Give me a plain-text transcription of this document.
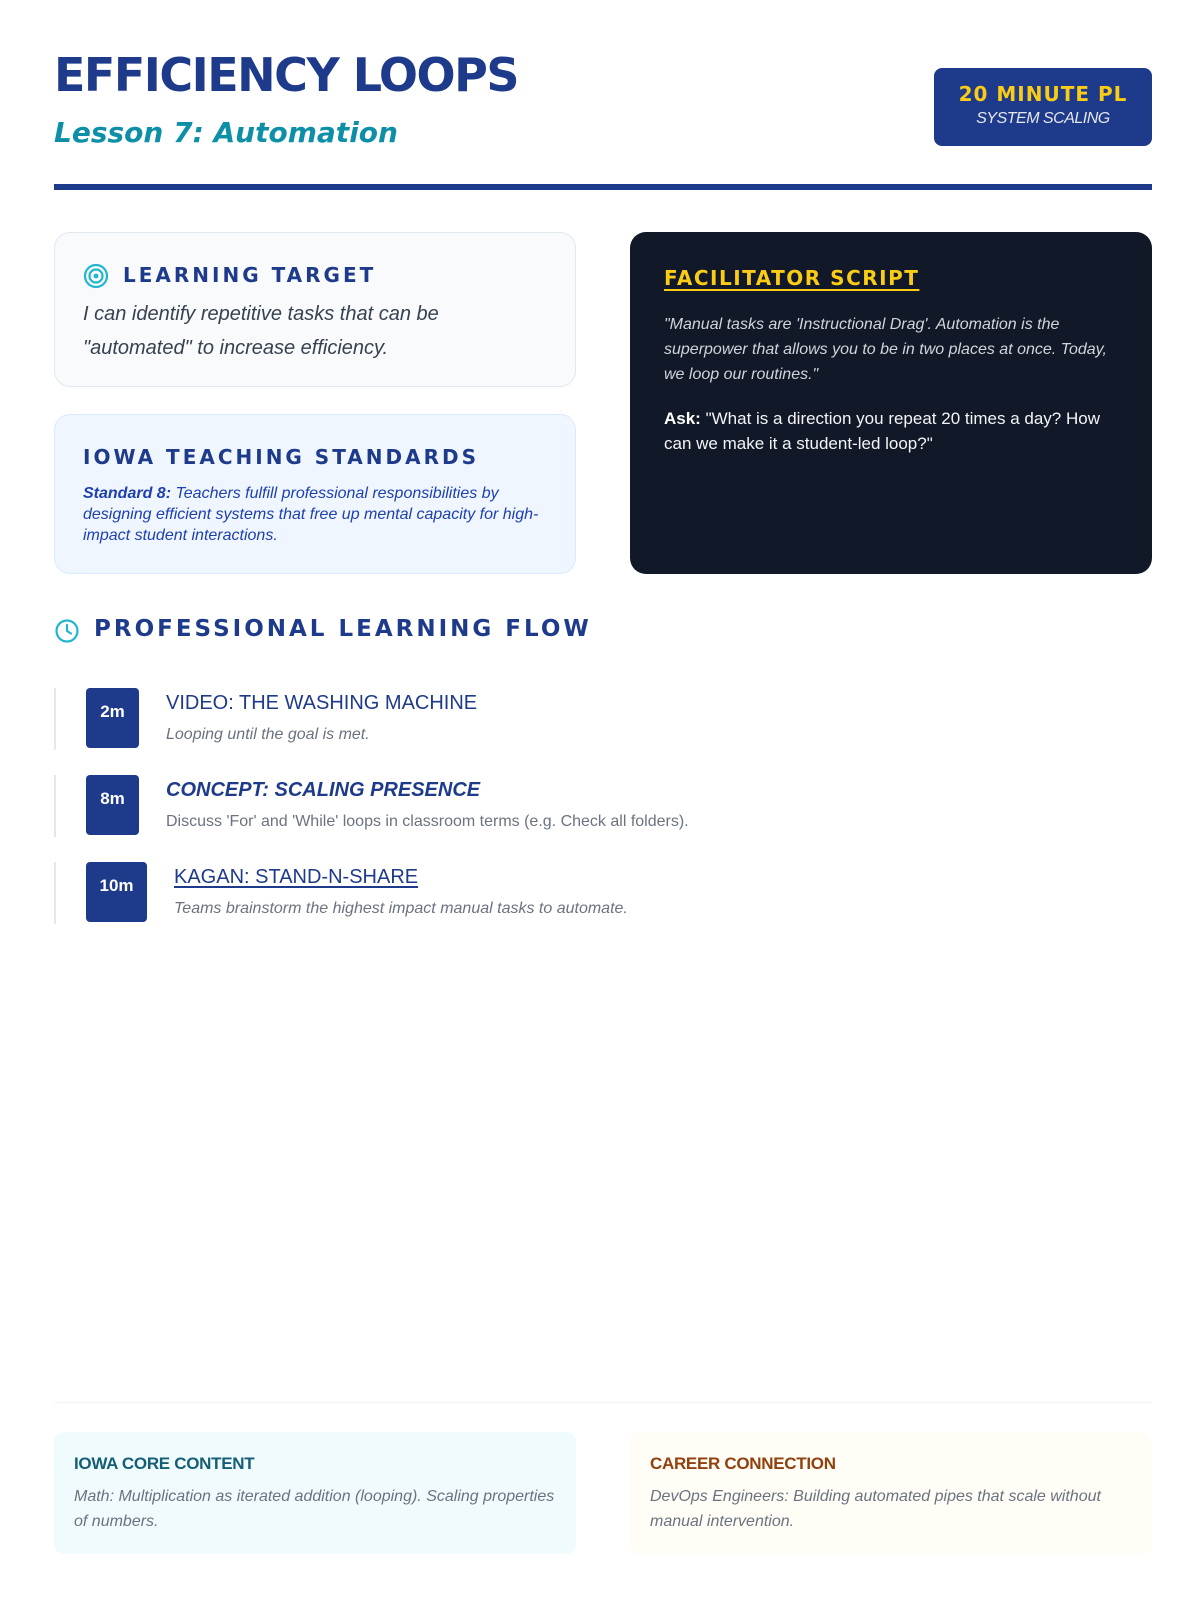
EFFICIENCY LOOPS
Lesson 7: Automation
20 MINUTE PL
SYSTEM SCALING
LEARNING TARGET
I can identify repetitive tasks that can be "automated" to increase efficiency.
IOWA TEACHING STANDARDS
Standard 8: Teachers fulfill professional responsibilities by designing efficient systems that free up mental capacity for high-impact student interactions.
FACILITATOR SCRIPT
"Manual tasks are 'Instructional Drag'. Automation is the superpower that allows you to be in two places at once. Today, we loop our routines."
Ask: "What is a direction you repeat 20 times a day? How can we make it a student-led loop?"
PROFESSIONAL LEARNING FLOW
2m	VIDEO: THE WASHING MACHINE
Looping until the goal is met.
8m	CONCEPT: SCALING PRESENCE
Discuss 'For' and 'While' loops in classroom terms (e.g. Check all folders).
10m	KAGAN: STAND-N-SHARE
Teams brainstorm the highest impact manual tasks to automate.
IOWA CORE CONTENT
Math: Multiplication as iterated addition (looping). Scaling properties of numbers.
CAREER CONNECTION
DevOps Engineers: Building automated pipes that scale without manual intervention.
